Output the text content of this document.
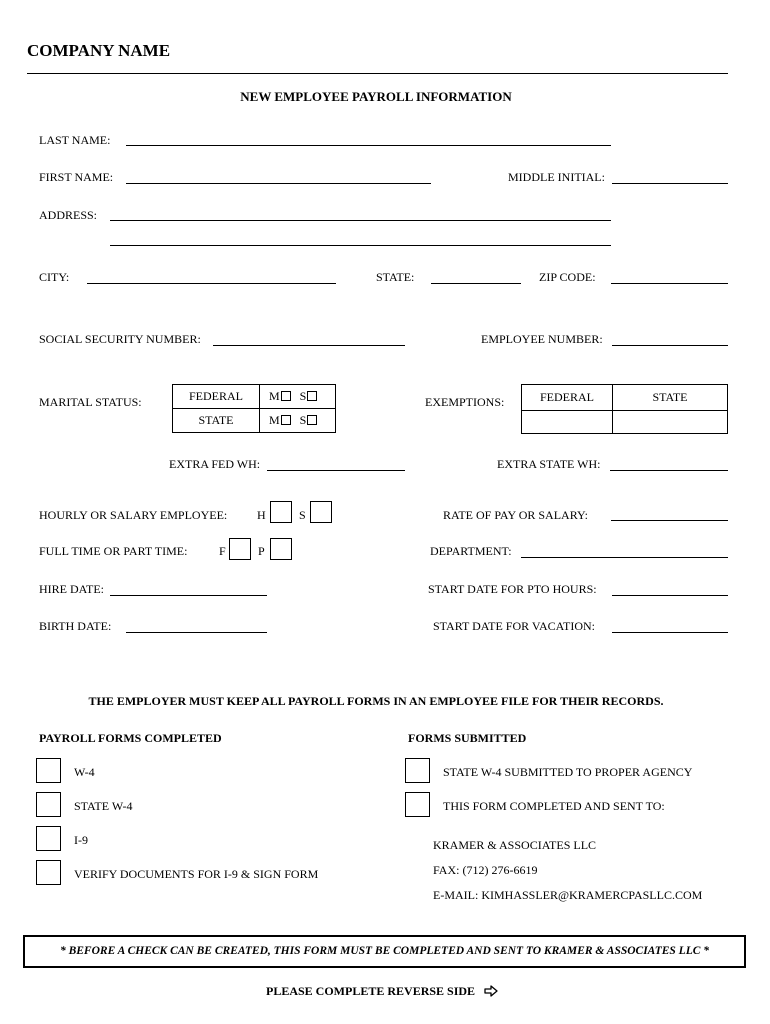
COMPANY NAME
NEW EMPLOYEE PAYROLL INFORMATION
LAST NAME:
FIRST NAME:	MIDDLE INITIAL:
ADDRESS:
CITY:	STATE:	ZIP CODE:
SOCIAL SECURITY NUMBER:	EMPLOYEE NUMBER:
MARITAL STATUS:	FEDERAL	M S
STATE	M S
EXEMPTIONS:	FEDERAL	STATE

EXTRA FED WH:	EXTRA STATE WH:
HOURLY OR SALARY EMPLOYEE: H	S	RATE OF PAY OR SALARY:
FULL TIME OR PART TIME:	F	P	DEPARTMENT:
HIRE DATE:	START DATE FOR PTO HOURS:
BIRTH DATE:	START DATE FOR VACATION:
THE EMPLOYER MUST KEEP ALL PAYROLL FORMS IN AN EMPLOYEE FILE FOR THEIR RECORDS.
PAYROLL FORMS COMPLETED
W-4
STATE W-4
I-9
VERIFY DOCUMENTS FOR I-9 & SIGN FORM
FORMS SUBMITTED
STATE W-4 SUBMITTED TO PROPER AGENCY
THIS FORM COMPLETED AND SENT TO:
KRAMER & ASSOCIATES LLC
FAX: (712) 276-6619
E-MAIL: KIMHASSLER@KRAMERCPASLLC.COM
* BEFORE A CHECK CAN BE CREATED, THIS FORM MUST BE COMPLETED AND SENT TO KRAMER & ASSOCIATES LLC *
PLEASE COMPLETE REVERSE SIDE
